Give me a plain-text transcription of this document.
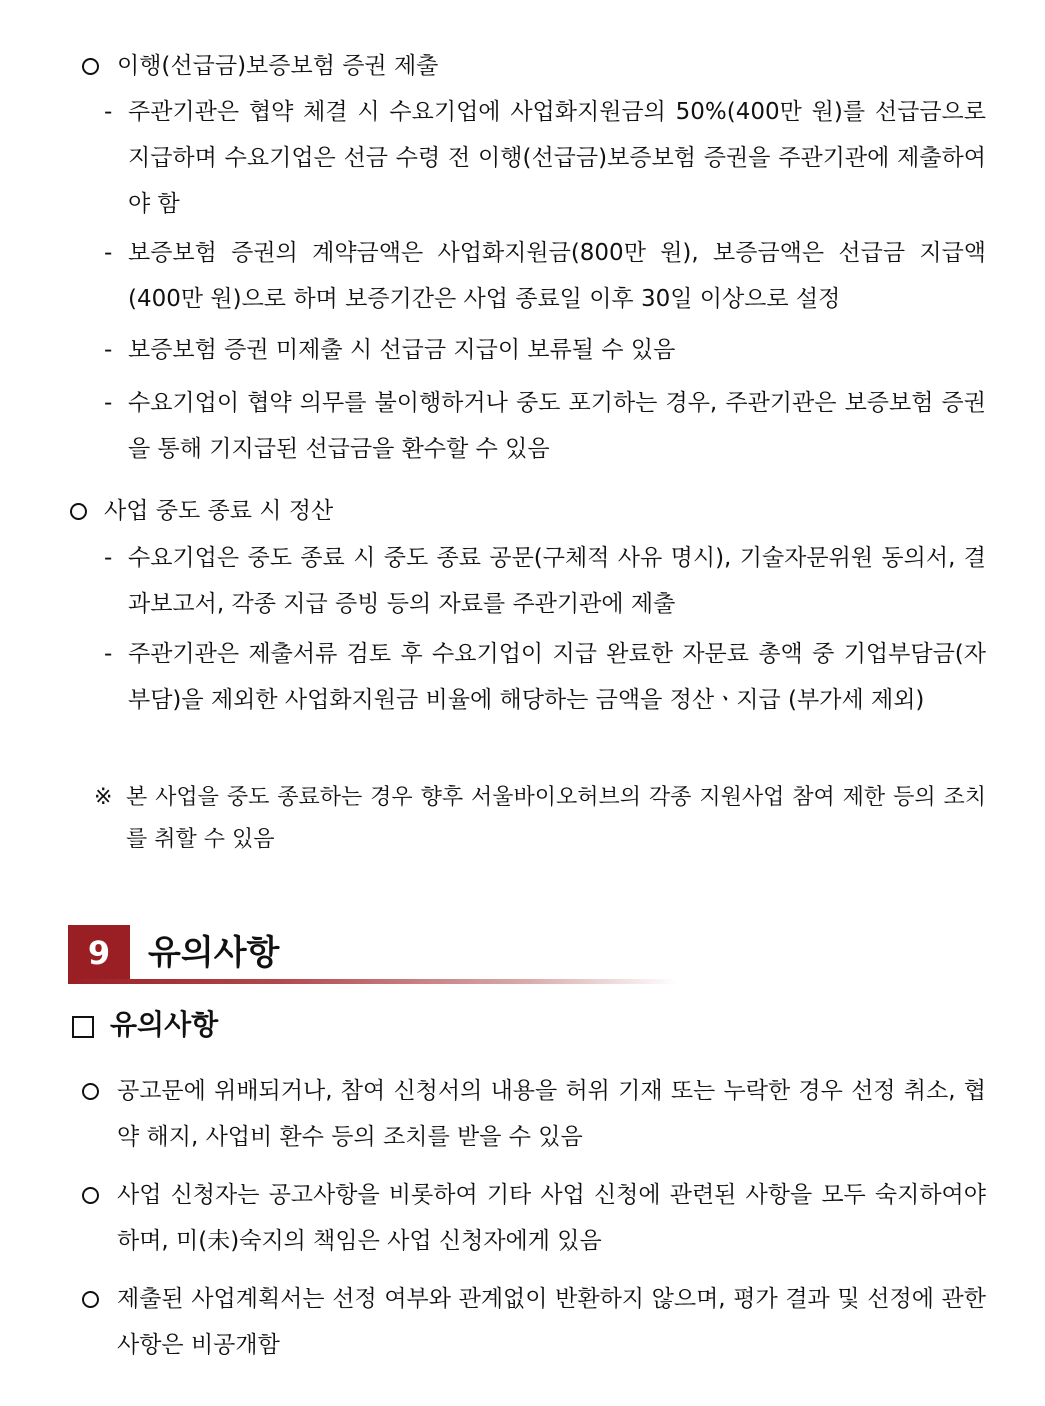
이행(선급금)보증보험 증권 제출
- 주관기관은 협약 체결 시 수요기업에 사업화지원금의 50%(400만 원)를 선급금으로 지급하며 수요기업은 선금 수령 전 이행(선급금)보증보험 증권을 주관기관에 제출하여야 함
- 보증보험 증권의 계약금액은 사업화지원금(800만 원), 보증금액은 선급금 지급액(400만 원)으로 하며 보증기간은 사업 종료일 이후 30일 이상으로 설정
- 보증보험 증권 미제출 시 선급금 지급이 보류될 수 있음
- 수요기업이 협약 의무를 불이행하거나 중도 포기하는 경우, 주관기관은 보증보험 증권을 통해 기지급된 선급금을 환수할 수 있음
사업 중도 종료 시 정산
- 수요기업은 중도 종료 시 중도 종료 공문(구체적 사유 명시), 기술자문위원 동의서, 결과보고서, 각종 지급 증빙 등의 자료를 주관기관에 제출
- 주관기관은 제출서류 검토 후 수요기업이 지급 완료한 자문료 총액 중 기업부담금(자부담)을 제외한 사업화지원금 비율에 해당하는 금액을 정산ㆍ지급 (부가세 제외)
※ 본 사업을 중도 종료하는 경우 향후 서울바이오허브의 각종 지원사업 참여 제한 등의 조치를 취할 수 있음
9	유의사항
유의사항
공고문에 위배되거나, 참여 신청서의 내용을 허위 기재 또는 누락한 경우 선정 취소, 협약 해지, 사업비 환수 등의 조치를 받을 수 있음
사업 신청자는 공고사항을 비롯하여 기타 사업 신청에 관련된 사항을 모두 숙지하여야 하며, 미(未)숙지의 책임은 사업 신청자에게 있음
제출된 사업계획서는 선정 여부와 관계없이 반환하지 않으며, 평가 결과 및 선정에 관한 사항은 비공개함
